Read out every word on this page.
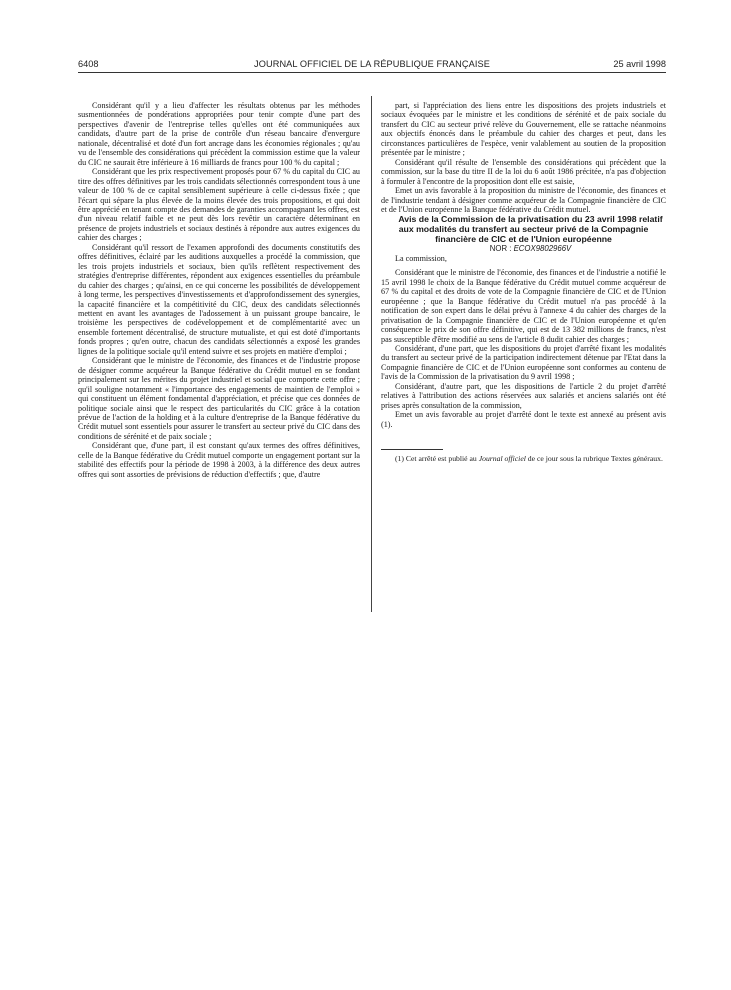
6408	JOURNAL OFFICIEL DE LA RÉPUBLIQUE FRANÇAISE	25 avril 1998

Considérant qu'il y a lieu d'affecter les résultats obtenus par les méthodes susmentionnées de pondérations appropriées pour tenir compte d'une part des perspectives d'avenir de l'entreprise telles qu'elles ont été communiquées aux candidats, d'autre part de la prise de contrôle d'un réseau bancaire d'envergure nationale, décentralisé et doté d'un fort ancrage dans les économies régionales ; qu'au vu de l'ensemble des considérations qui précèdent la commission estime que la valeur du CIC ne saurait être inférieure à 16 milliards de francs pour 100 % du capital ;

Considérant que les prix respectivement proposés pour 67 % du capital du CIC au titre des offres définitives par les trois candidats sélectionnés correspondent tous à une valeur de 100 % de ce capital sensiblement supérieure à celle ci-dessus fixée ; que l'écart qui sépare la plus élevée de la moins élevée des trois propositions, et qui doit être apprécié en tenant compte des demandes de garanties accompagnant les offres, est d'un niveau relatif faible et ne peut dès lors revêtir un caractère déterminant en présence de projets industriels et sociaux destinés à répondre aux autres exigences du cahier des charges ;

Considérant qu'il ressort de l'examen approfondi des documents constitutifs des offres définitives, éclairé par les auditions auxquelles a procédé la commission, que les trois projets industriels et sociaux, bien qu'ils reflètent respectivement des stratégies d'entreprise différentes, répondent aux exigences essentielles du préambule du cahier des charges ; qu'ainsi, en ce qui concerne les possibilités de développement à long terme, les perspectives d'investissements et d'approfondissement des synergies, la capacité financière et la compétitivité du CIC, deux des candidats sélectionnés mettent en avant les avantages de l'adossement à un puissant groupe bancaire, le troisième les perspectives de codéveloppement et de complémentarité avec un ensemble fortement décentralisé, de structure mutualiste, et qui est doté d'importants fonds propres ; qu'en outre, chacun des candidats sélectionnés a exposé les grandes lignes de la politique sociale qu'il entend suivre et ses projets en matière d'emploi ;

Considérant que le ministre de l'économie, des finances et de l'industrie propose de désigner comme acquéreur la Banque fédérative du Crédit mutuel en se fondant principalement sur les mérites du projet industriel et social que comporte cette offre ; qu'il souligne notamment « l'importance des engagements de maintien de l'emploi » qui constituent un élément fondamental d'appréciation, et précise que ces données de politique sociale ainsi que le respect des particularités du CIC grâce à la cotation prévue de l'action de la holding et à la culture d'entreprise de la Banque fédérative du Crédit mutuel sont essentiels pour assurer le transfert au secteur privé du CIC dans des conditions de sérénité et de paix sociale ;

Considérant que, d'une part, il est constant qu'aux termes des offres définitives, celle de la Banque fédérative du Crédit mutuel comporte un engagement portant sur la stabilité des effectifs pour la période de 1998 à 2003, à la différence des deux autres offres qui sont assorties de prévisions de réduction d'effectifs ; que, d'autre

part, si l'appréciation des liens entre les dispositions des projets industriels et sociaux évoquées par le ministre et les conditions de sérénité et de paix sociale du transfert du CIC au secteur privé relève du Gouvernement, elle se rattache néanmoins aux objectifs énoncés dans le préambule du cahier des charges et peut, dans les circonstances particulières de l'espèce, venir valablement au soutien de la proposition présentée par le ministre ;

Considérant qu'il résulte de l'ensemble des considérations qui précèdent que la commission, sur la base du titre II de la loi du 6 août 1986 précitée, n'a pas d'objection à formuler à l'encontre de la proposition dont elle est saisie,

Emet un avis favorable à la proposition du ministre de l'économie, des finances et de l'industrie tendant à désigner comme acquéreur de la Compagnie financière de CIC et de l'Union européenne la Banque fédérative du Crédit mutuel.

Avis de la Commission de la privatisation du 23 avril 1998 relatif aux modalités du transfert au secteur privé de la Compagnie financière de CIC et de l'Union européenne

NOR : ECOX9802966V

La commission,

Considérant que le ministre de l'économie, des finances et de l'industrie a notifié le 15 avril 1998 le choix de la Banque fédérative du Crédit mutuel comme acquéreur de 67 % du capital et des droits de vote de la Compagnie financière de CIC et de l'Union européenne ; que la Banque fédérative du Crédit mutuel n'a pas procédé à la notification de son expert dans le délai prévu à l'annexe 4 du cahier des charges de la privatisation de la Compagnie financière de CIC et de l'Union européenne et qu'en conséquence le prix de son offre définitive, qui est de 13 382 millions de francs, n'est pas susceptible d'être modifié au sens de l'article 8 dudit cahier des charges ;

Considérant, d'une part, que les dispositions du projet d'arrêté fixant les modalités du transfert au secteur privé de la participation indirectement détenue par l'Etat dans la Compagnie financière de CIC et de l'Union européenne sont conformes au contenu de l'avis de la Commission de la privatisation du 9 avril 1998 ;

Considérant, d'autre part, que les dispositions de l'article 2 du projet d'arrêté relatives à l'attribution des actions réservées aux salariés et anciens salariés ont été prises après consultation de la commission,

Emet un avis favorable au projet d'arrêté dont le texte est annexé au présent avis (1).

(1) Cet arrêté est publié au Journal officiel de ce jour sous la rubrique Textes généraux.
